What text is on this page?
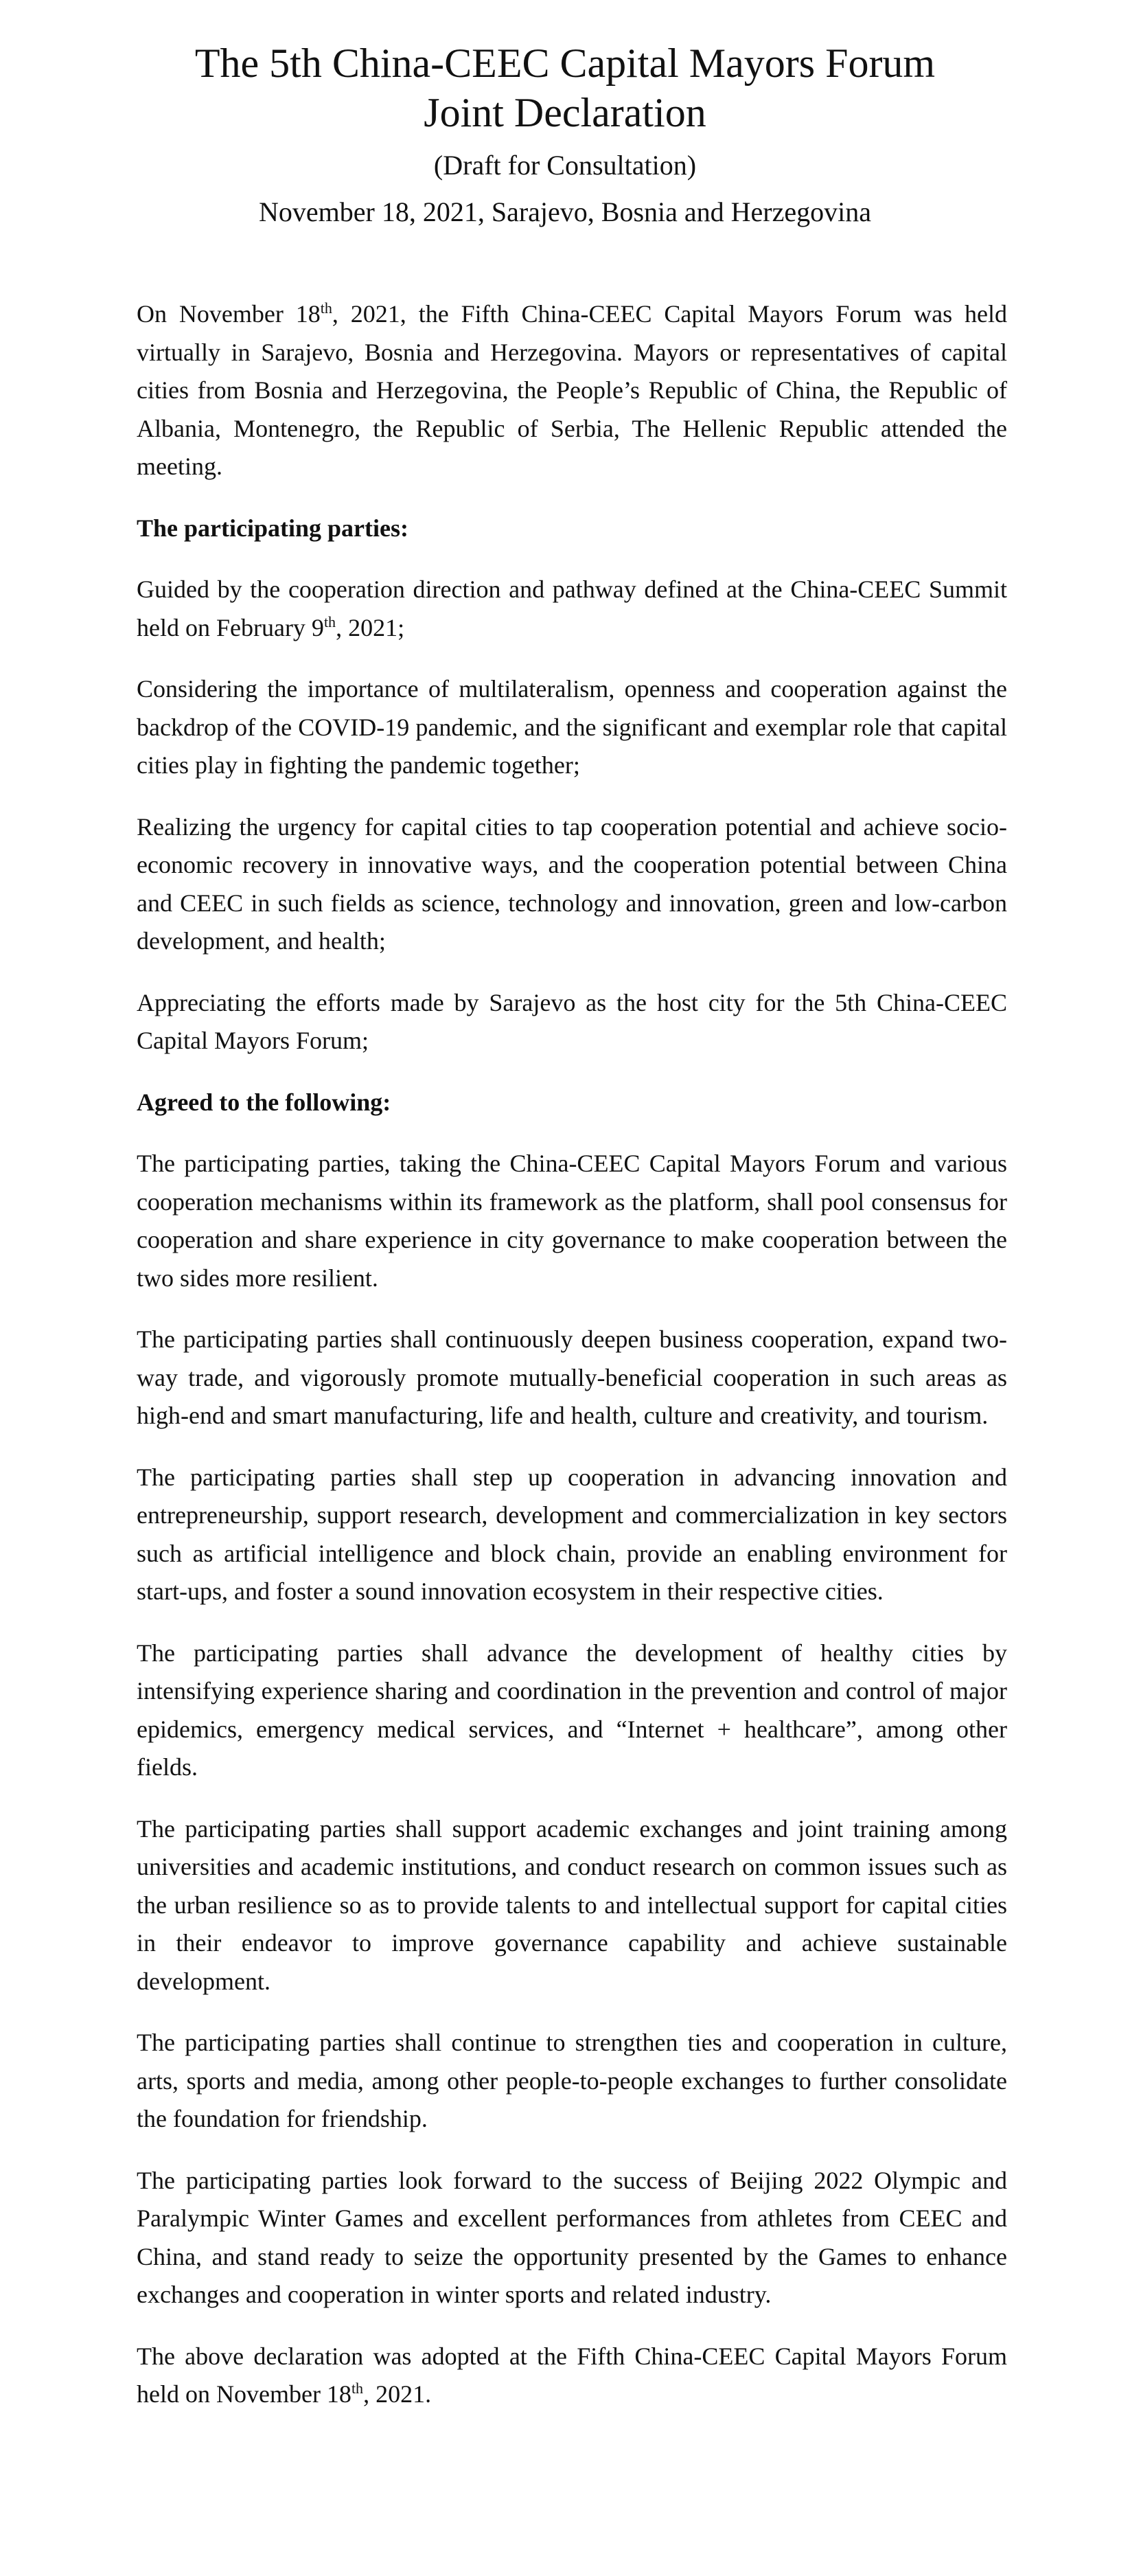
The 5th China-CEEC Capital Mayors Forum
Joint Declaration

(Draft for Consultation)

November 18, 2021, Sarajevo, Bosnia and Herzegovina

On November 18th, 2021, the Fifth China-CEEC Capital Mayors Forum was held virtually in Sarajevo, Bosnia and Herzegovina. Mayors or representatives of capital cities from Bosnia and Herzegovina, the People’s Republic of China, the Republic of Albania, Montenegro, the Republic of Serbia, The Hellenic Republic attended the meeting.

The participating parties:

Guided by the cooperation direction and pathway defined at the China-CEEC Summit held on February 9th, 2021;

Considering the importance of multilateralism, openness and cooperation against the backdrop of the COVID-19 pandemic, and the significant and exemplar role that capital cities play in fighting the pandemic together;

Realizing the urgency for capital cities to tap cooperation potential and achieve socio-economic recovery in innovative ways, and the cooperation potential between China and CEEC in such fields as science, technology and innovation, green and low-carbon development, and health;

Appreciating the efforts made by Sarajevo as the host city for the 5th China-CEEC Capital Mayors Forum;

Agreed to the following:

The participating parties, taking the China-CEEC Capital Mayors Forum and various cooperation mechanisms within its framework as the platform, shall pool consensus for cooperation and share experience in city governance to make cooperation between the two sides more resilient.

The participating parties shall continuously deepen business cooperation, expand two-way trade, and vigorously promote mutually-beneficial cooperation in such areas as high-end and smart manufacturing, life and health, culture and creativity, and tourism.

The participating parties shall step up cooperation in advancing innovation and entrepreneurship, support research, development and commercialization in key sectors such as artificial intelligence and block chain, provide an enabling environment for start-ups, and foster a sound innovation ecosystem in their respective cities.

The participating parties shall advance the development of healthy cities by intensifying experience sharing and coordination in the prevention and control of major epidemics, emergency medical services, and “Internet + healthcare”, among other fields.

The participating parties shall support academic exchanges and joint training among universities and academic institutions, and conduct research on common issues such as the urban resilience so as to provide talents to and intellectual support for capital cities in their endeavor to improve governance capability and achieve sustainable development.

The participating parties shall continue to strengthen ties and cooperation in culture, arts, sports and media, among other people-to-people exchanges to further consolidate the foundation for friendship.

The participating parties look forward to the success of Beijing 2022 Olympic and Paralympic Winter Games and excellent performances from athletes from CEEC and China, and stand ready to seize the opportunity presented by the Games to enhance exchanges and cooperation in winter sports and related industry.

The above declaration was adopted at the Fifth China-CEEC Capital Mayors Forum held on November 18th, 2021.
